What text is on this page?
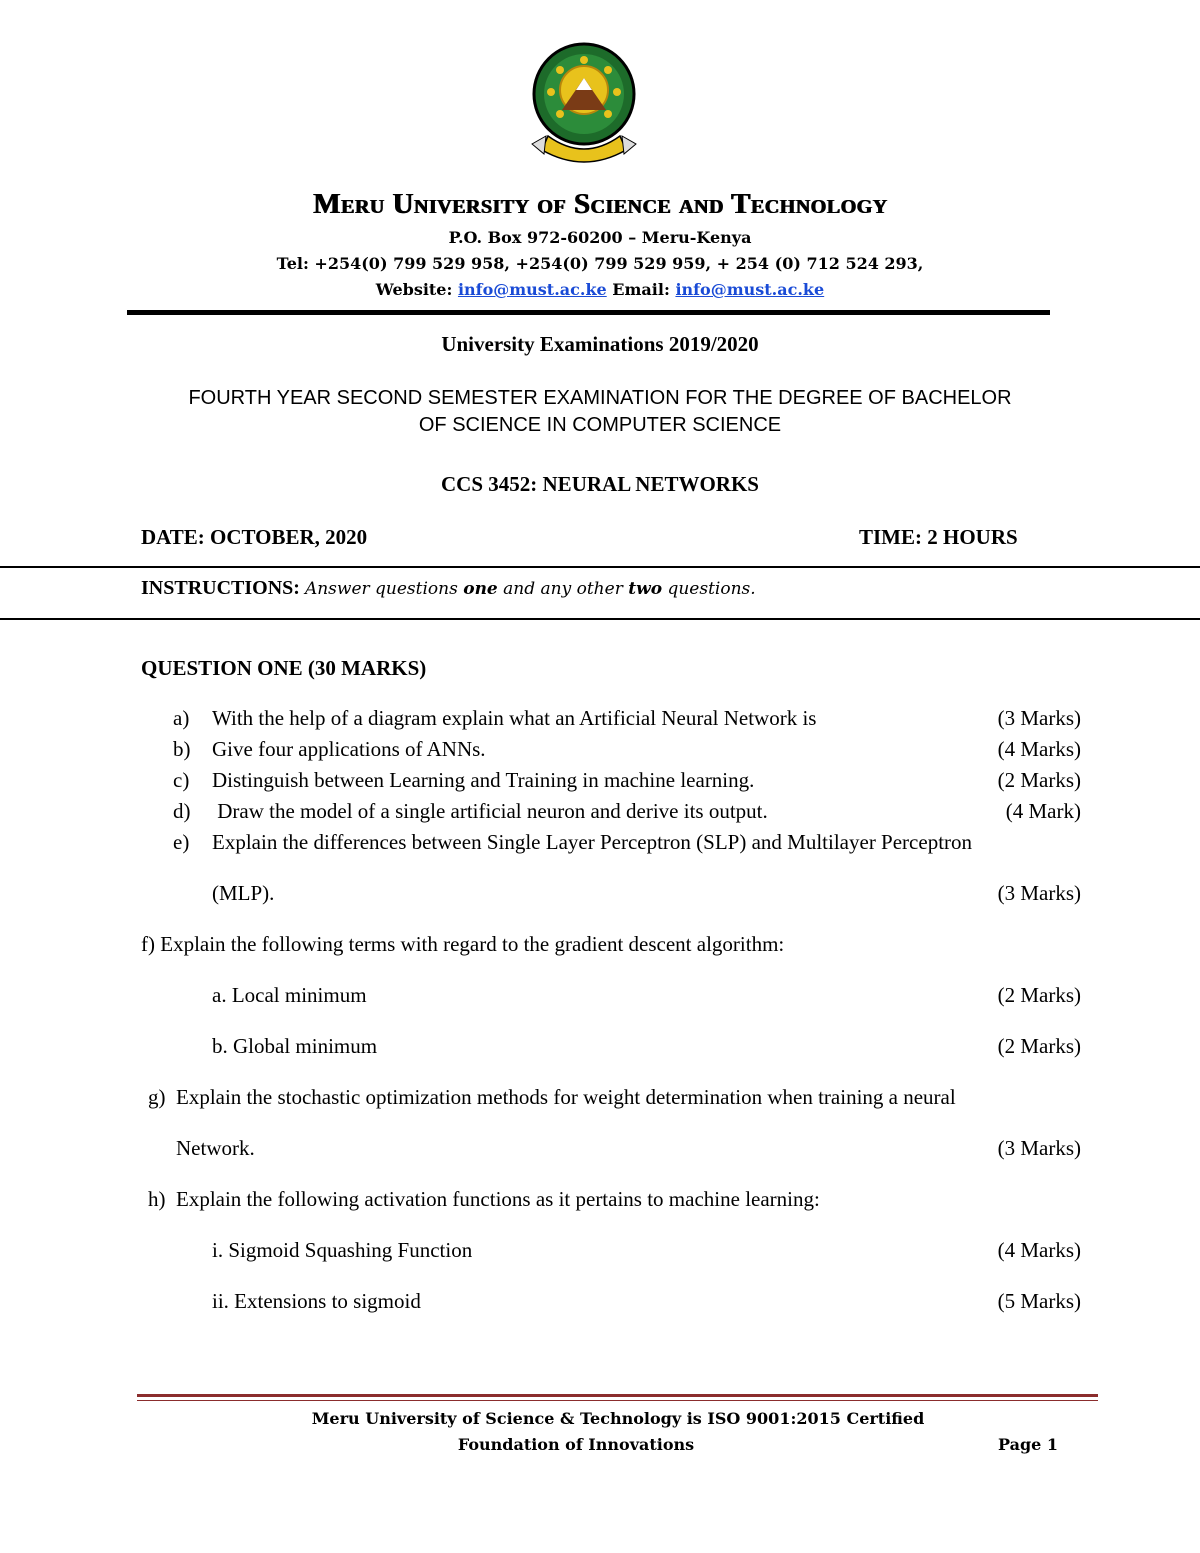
Meru University of Science and Technology
P.O. Box 972-60200 – Meru-Kenya
Tel: +254(0) 799 529 958, +254(0) 799 529 959, + 254 (0) 712 524 293,
Website: info@must.ac.ke Email: info@must.ac.ke
University Examinations 2019/2020
FOURTH YEAR SECOND SEMESTER EXAMINATION FOR THE DEGREE OF BACHELOR
OF SCIENCE IN COMPUTER SCIENCE
CCS 3452: NEURAL NETWORKS
DATE: OCTOBER, 2020	TIME: 2 HOURS
INSTRUCTIONS: Answer questions one and any other two questions.
QUESTION ONE (30 MARKS)
a) With the help of a diagram explain what an Artificial Neural Network is	(3 Marks)
b) Give four applications of ANNs.	(4 Marks)
c) Distinguish between Learning and Training in machine learning.	(2 Marks)
d) Draw the model of a single artificial neuron and derive its output.	(4 Mark)
e) Explain the differences between Single Layer Perceptron (SLP) and Multilayer Perceptron
(MLP).	(3 Marks)
f) Explain the following terms with regard to the gradient descent algorithm:
a. Local minimum	(2 Marks)
b. Global minimum	(2 Marks)
g)  Explain the stochastic optimization methods for weight determination when training a neural
Network.	(3 Marks)
h)  Explain the following activation functions as it pertains to machine learning:
i. Sigmoid Squashing Function	(4 Marks)
ii. Extensions to sigmoid	(5 Marks)
Meru University of Science & Technology is ISO 9001:2015 Certified
Foundation of Innovations	Page 1
